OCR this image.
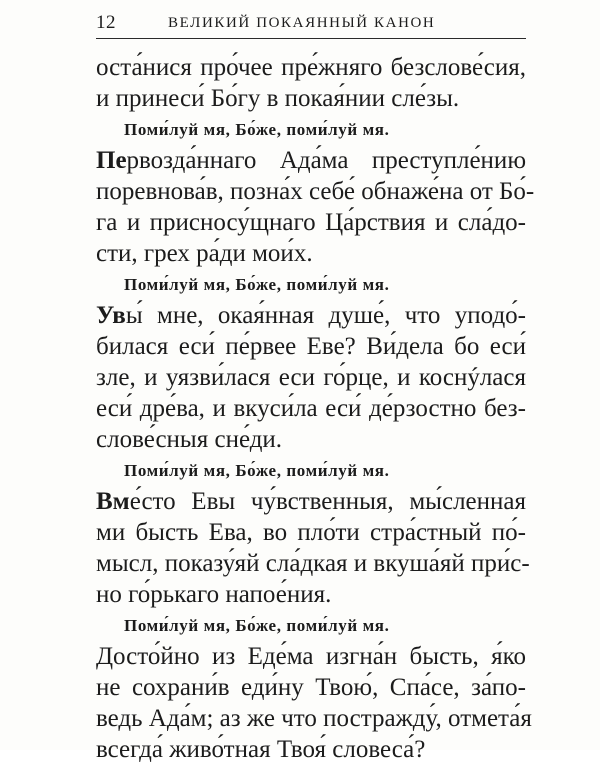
12	ВЕЛИКИЙ ПОКАЯННЫЙ КАНОН
оста́нися про́чее пре́жняго безслове́сия,
и принеси́ Бо́гу в покая́нии сле́зы.
Поми́луй мя, Бо́же, поми́луй мя.
Первозда́ннаго Ада́ма преступле́нию
поревнова́в, позна́х себе́ обнаже́на от Бо́-
га и присносу́щнаго Ца́рствия и сла́до-
сти, грех ра́ди мои́х.
Поми́луй мя, Бо́же, поми́луй мя.
Увы́ мне, окая́нная душе́, что уподо́-
билася еси́ пе́рвее Еве? Ви́дела бо еси́
зле, и уязви́лася еси го́рце, и коснýлася
еси́ дре́ва, и вкуси́ла еси́ де́рзостно без-
слове́сныя сне́ди.
Поми́луй мя, Бо́же, поми́луй мя.
Вме́сто Евы чу́вственныя, мы́сленная
ми бысть Ева, во пло́ти стра́стный по́-
мысл, показу́яй сла́дкая и вкуша́яй при́с-
но го́рькаго напое́ния.
Поми́луй мя, Бо́же, поми́луй мя.
Досто́йно из Еде́ма изгна́н бысть, я́ко
не сохрани́в еди́ну Твою́, Спа́се, за́по-
ведь Ада́м; аз же что пострaжду́, отмета́я
всегда́ живо́тная Твоя́ словеса́?
